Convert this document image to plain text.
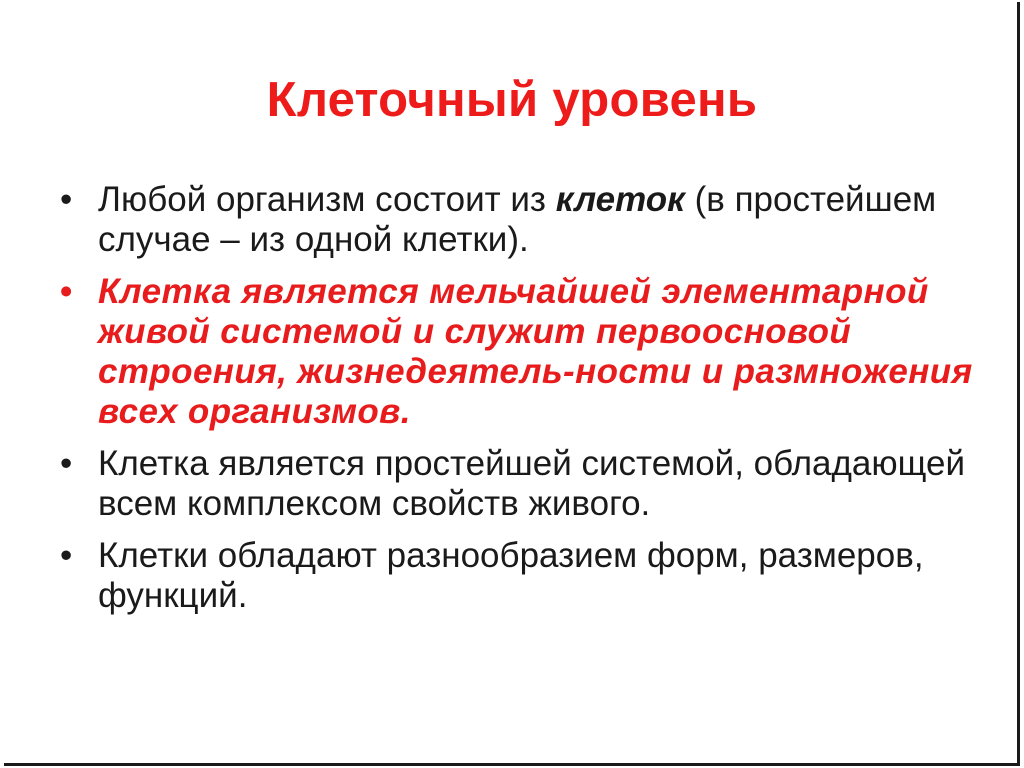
Клеточный уровень
• Любой организм состоит из клеток (в простейшем случае – из одной клетки).
• Клетка является мельчайшей элементарной живой системой и служит первоосновой строения, жизнедеятель-ности и размножения всех организмов.
• Клетка является простейшей системой, обладающей всем комплексом свойств живого.
• Клетки обладают разнообразием форм, размеров, функций.
